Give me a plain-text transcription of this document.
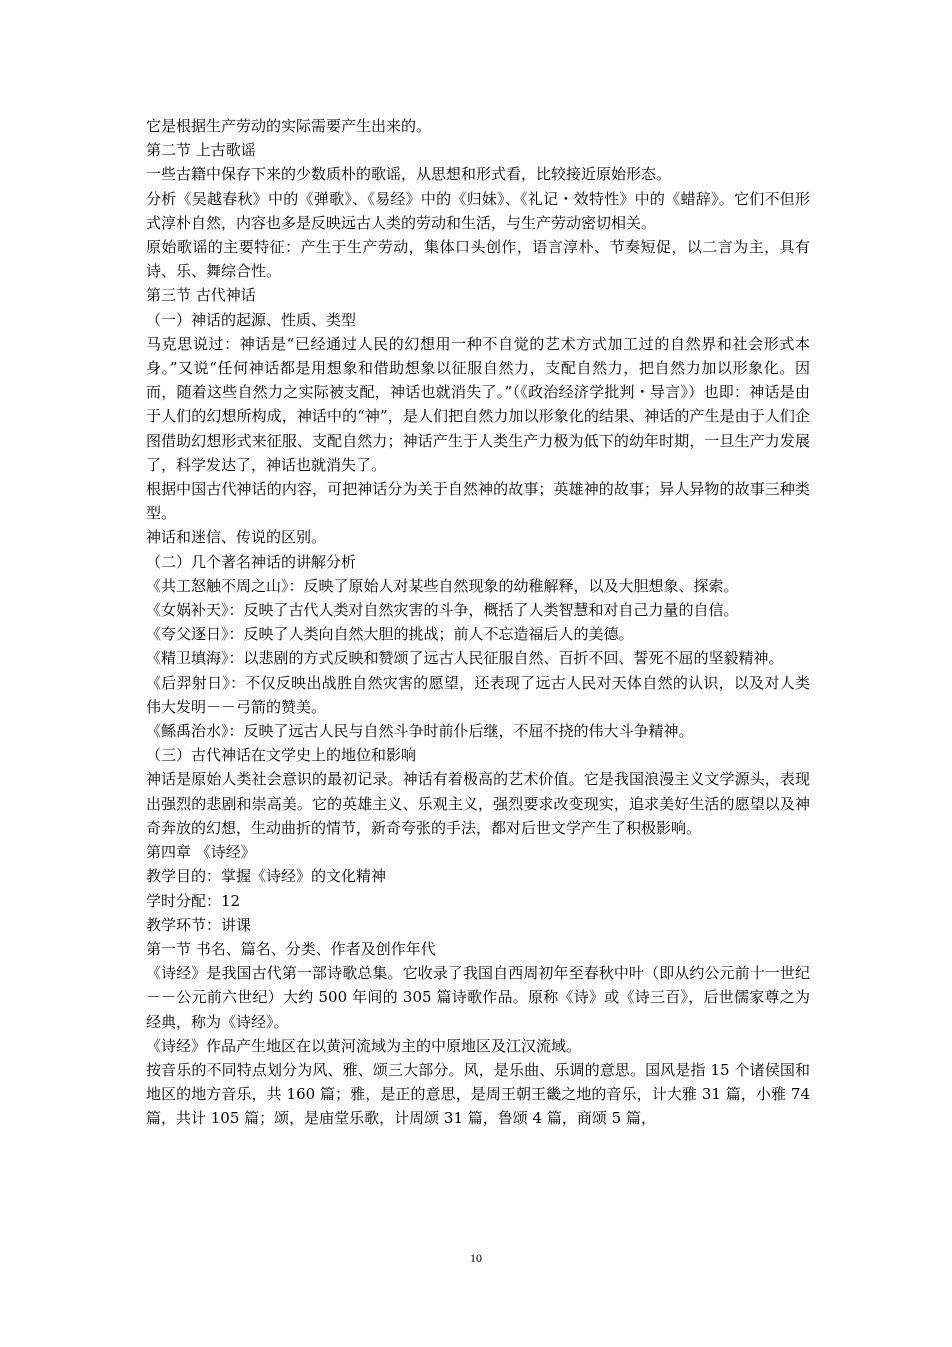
它是根据生产劳动的实际需要产生出来的。

第二节 上古歌谣

一些古籍中保存下来的少数质朴的歌谣，从思想和形式看，比较接近原始形态。

分析《吴越春秋》中的《弹歌》、《易经》中的《归妹》、《礼记・效特性》中的《蜡辞》。它们不但形式淳朴自然，内容也多是反映远古人类的劳动和生活，与生产劳动密切相关。

原始歌谣的主要特征：产生于生产劳动，集体口头创作，语言淳朴、节奏短促，以二言为主，具有诗、乐、舞综合性。

第三节 古代神话

（一）神话的起源、性质、类型

马克思说过：神话是“已经通过人民的幻想用一种不自觉的艺术方式加工过的自然界和社会形式本身。”又说“任何神话都是用想象和借助想象以征服自然力，支配自然力，把自然力加以形象化。因而，随着这些自然力之实际被支配，神话也就消失了。”（《政治经济学批判・导言》）也即：神话是由于人们的幻想所构成，神话中的“神”，是人们把自然力加以形象化的结果、神话的产生是由于人们企图借助幻想形式来征服、支配自然力；神话产生于人类生产力极为低下的幼年时期，一旦生产力发展了，科学发达了，神话也就消失了。

根据中国古代神话的内容，可把神话分为关于自然神的故事；英雄神的故事；异人异物的故事三种类型。

神话和迷信、传说的区别。

（二）几个著名神话的讲解分析

《共工怒触不周之山》：反映了原始人对某些自然现象的幼稚解释，以及大胆想象、探索。

《女娲补天》：反映了古代人类对自然灾害的斗争，概括了人类智慧和对自己力量的自信。

《夸父逐日》：反映了人类向自然大胆的挑战；前人不忘造福后人的美德。

《精卫填海》：以悲剧的方式反映和赞颂了远古人民征服自然、百折不回、誓死不屈的坚毅精神。

《后羿射日》：不仅反映出战胜自然灾害的愿望，还表现了远古人民对天体自然的认识，以及对人类伟大发明－－弓箭的赞美。

《鲧禹治水》：反映了远古人民与自然斗争时前仆后继，不屈不挠的伟大斗争精神。

（三）古代神话在文学史上的地位和影响

神话是原始人类社会意识的最初记录。神话有着极高的艺术价值。它是我国浪漫主义文学源头，表现出强烈的悲剧和崇高美。它的英雄主义、乐观主义，强烈要求改变现实，追求美好生活的愿望以及神奇奔放的幻想，生动曲折的情节，新奇夸张的手法，都对后世文学产生了积极影响。

第四章 《诗经》

教学目的：掌握《诗经》的文化精神

学时分配：12

教学环节：讲课

第一节 书名、篇名、分类、作者及创作年代

《诗经》是我国古代第一部诗歌总集。它收录了我国自西周初年至春秋中叶（即从约公元前十一世纪－－公元前六世纪）大约 500 年间的 305 篇诗歌作品。原称《诗》或《诗三百》，后世儒家尊之为经典，称为《诗经》。

《诗经》作品产生地区在以黄河流域为主的中原地区及江汉流域。

按音乐的不同特点划分为风、雅、颂三大部分。风，是乐曲、乐调的意思。国风是指 15 个诸侯国和地区的地方音乐，共 160 篇；雅，是正的意思，是周王朝王畿之地的音乐，计大雅 31 篇，小雅 74 篇，共计 105 篇；颂，是庙堂乐歌，计周颂 31 篇，鲁颂 4 篇，商颂 5 篇，

10
